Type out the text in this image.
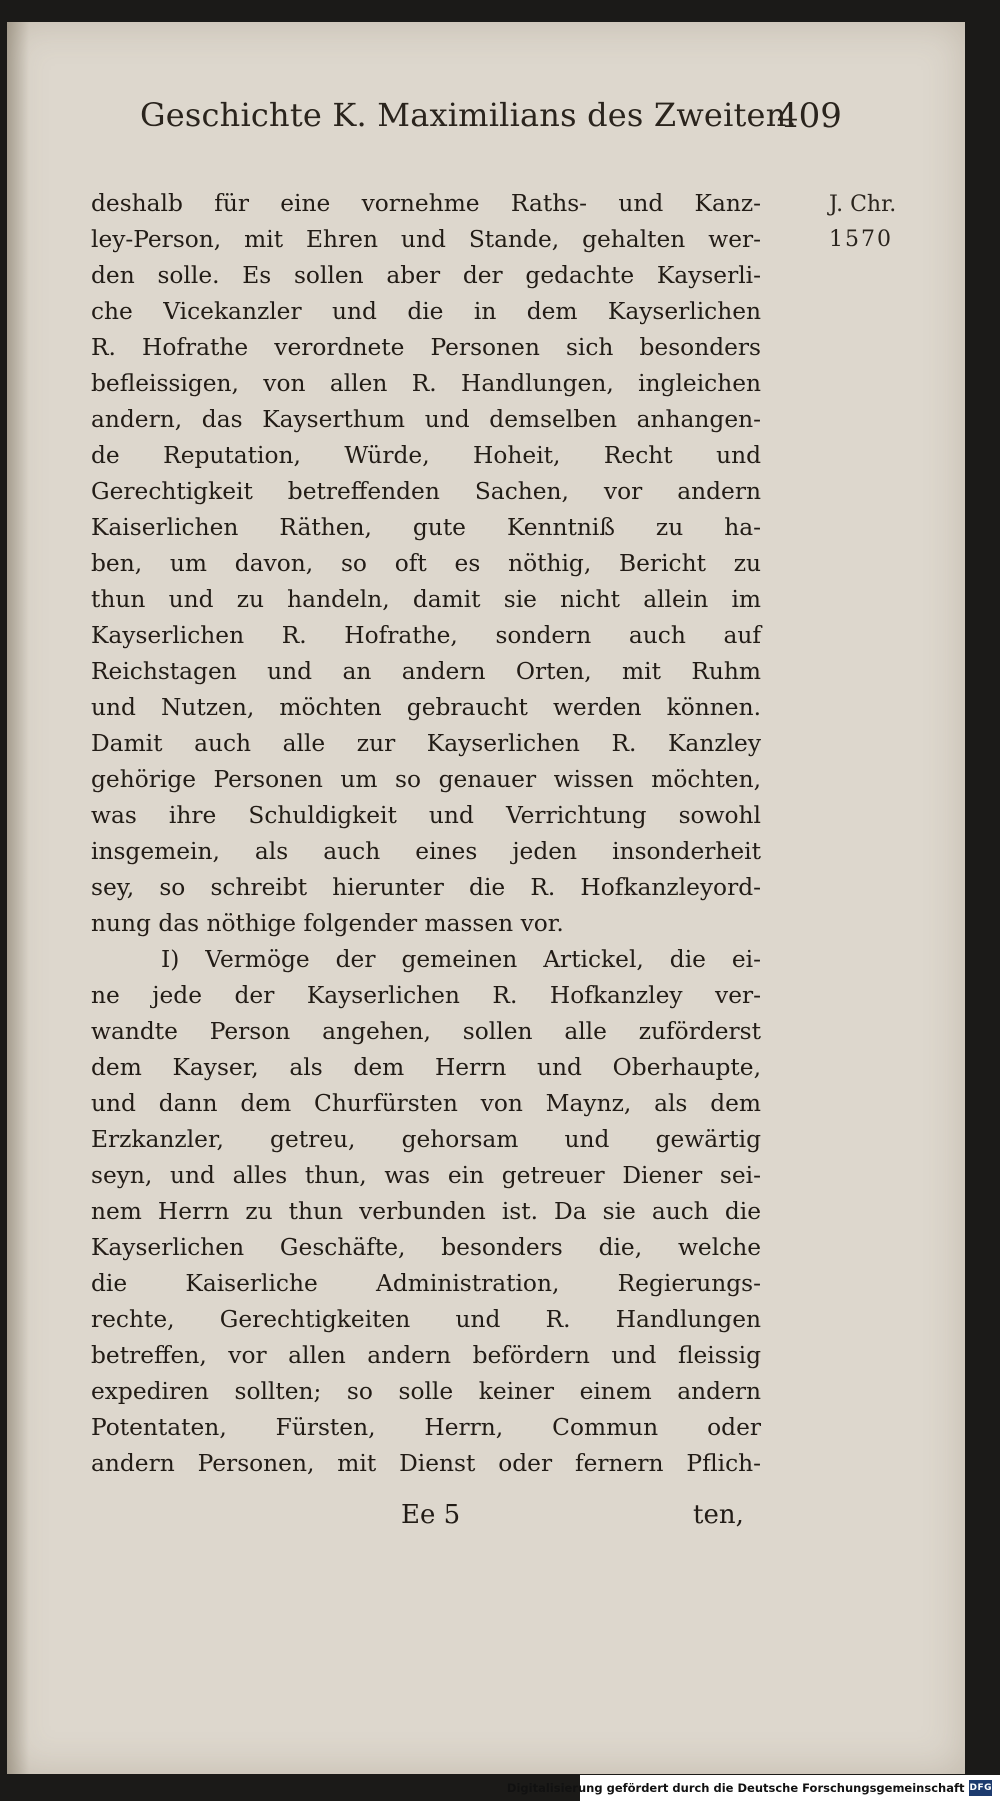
Geschichte K. Maximilians des Zweiten.
409
J. Chr.
1570
deshalb für eine vornehme Raths- und Kanz-
ley-Person, mit Ehren und Stande, gehalten wer-
den solle. Es sollen aber der gedachte Kayserli-
che Vicekanzler und die in dem Kayserlichen
R. Hofrathe verordnete Personen sich besonders
befleissigen, von allen R. Handlungen, ingleichen
andern, das Kayserthum und demselben anhangen-
de Reputation, Würde, Hoheit, Recht und
Gerechtigkeit betreffenden Sachen, vor andern
Kaiserlichen Räthen, gute Kenntniß zu ha-
ben, um davon, so oft es nöthig, Bericht zu
thun und zu handeln, damit sie nicht allein im
Kayserlichen R. Hofrathe, sondern auch auf
Reichstagen und an andern Orten, mit Ruhm
und Nutzen, möchten gebraucht werden können.
Damit auch alle zur Kayserlichen R. Kanzley
gehörige Personen um so genauer wissen möchten,
was ihre Schuldigkeit und Verrichtung sowohl
insgemein, als auch eines jeden insonderheit
sey, so schreibt hierunter die R. Hofkanzleyord-
nung das nöthige folgender massen vor.
I) Vermöge der gemeinen Artickel, die ei-
ne jede der Kayserlichen R. Hofkanzley ver-
wandte Person angehen, sollen alle zuförderst
dem Kayser, als dem Herrn und Oberhaupte,
und dann dem Churfürsten von Maynz, als dem
Erzkanzler, getreu, gehorsam und gewärtig
seyn, und alles thun, was ein getreuer Diener sei-
nem Herrn zu thun verbunden ist. Da sie auch die
Kayserlichen Geschäfte, besonders die, welche
die Kaiserliche Administration, Regierungs-
rechte, Gerechtigkeiten und R. Handlungen
betreffen, vor allen andern befördern und fleissig
expediren sollten; so solle keiner einem andern
Potentaten, Fürsten, Herrn, Commun oder
andern Personen, mit Dienst oder fernern Pflich-
Ee 5	ten,
Digitalisierung gefördert durch die Deutsche Forschungsgemeinschaft DFG
